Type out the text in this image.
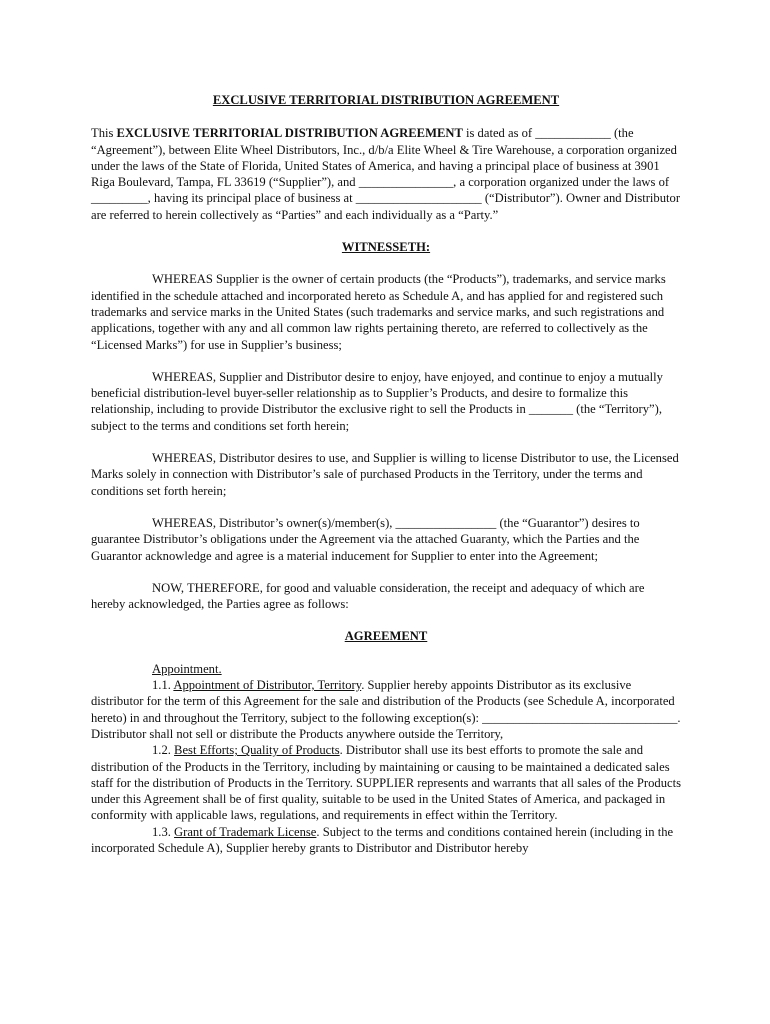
EXCLUSIVE TERRITORIAL DISTRIBUTION AGREEMENT

This EXCLUSIVE TERRITORIAL DISTRIBUTION AGREEMENT is dated as of ____________ (the “Agreement”), between Elite Wheel Distributors, Inc., d/b/a Elite Wheel & Tire Warehouse, a corporation organized under the laws of the State of Florida, United States of America, and having a principal place of business at 3901 Riga Boulevard, Tampa, FL 33619 (“Supplier”), and _______________, a corporation organized under the laws of _________, having its principal place of business at ____________________ (“Distributor”). Owner and Distributor are referred to herein collectively as “Parties” and each individually as a “Party.”

WITNESSETH:

WHEREAS Supplier is the owner of certain products (the “Products”), trademarks, and service marks identified in the schedule attached and incorporated hereto as Schedule A, and has applied for and registered such trademarks and service marks in the United States (such trademarks and service marks, and such registrations and applications, together with any and all common law rights pertaining thereto, are referred to collectively as the “Licensed Marks”) for use in Supplier’s business;

WHEREAS, Supplier and Distributor desire to enjoy, have enjoyed, and continue to enjoy a mutually beneficial distribution-level buyer-seller relationship as to Supplier’s Products, and desire to formalize this relationship, including to provide Distributor the exclusive right to sell the Products in _______ (the “Territory”), subject to the terms and conditions set forth herein;

WHEREAS, Distributor desires to use, and Supplier is willing to license Distributor to use, the Licensed Marks solely in connection with Distributor’s sale of purchased Products in the Territory, under the terms and conditions set forth herein;

WHEREAS, Distributor’s owner(s)/member(s), ________________ (the “Guarantor”) desires to guarantee Distributor’s obligations under the Agreement via the attached Guaranty, which the Parties and the Guarantor acknowledge and agree is a material inducement for Supplier to enter into the Agreement;

NOW, THEREFORE, for good and valuable consideration, the receipt and adequacy of which are hereby acknowledged, the Parties agree as follows:

AGREEMENT

Appointment.

1.1. Appointment of Distributor, Territory. Supplier hereby appoints Distributor as its exclusive distributor for the term of this Agreement for the sale and distribution of the Products (see Schedule A, incorporated hereto) in and throughout the Territory, subject to the following exception(s): _______________________________. Distributor shall not sell or distribute the Products anywhere outside the Territory,

1.2. Best Efforts; Quality of Products. Distributor shall use its best efforts to promote the sale and distribution of the Products in the Territory, including by maintaining or causing to be maintained a dedicated sales staff for the distribution of Products in the Territory. SUPPLIER represents and warrants that all sales of the Products under this Agreement shall be of first quality, suitable to be used in the United States of America, and packaged in conformity with applicable laws, regulations, and requirements in effect within the Territory.

1.3. Grant of Trademark License. Subject to the terms and conditions contained herein (including in the incorporated Schedule A), Supplier hereby grants to Distributor and Distributor hereby
